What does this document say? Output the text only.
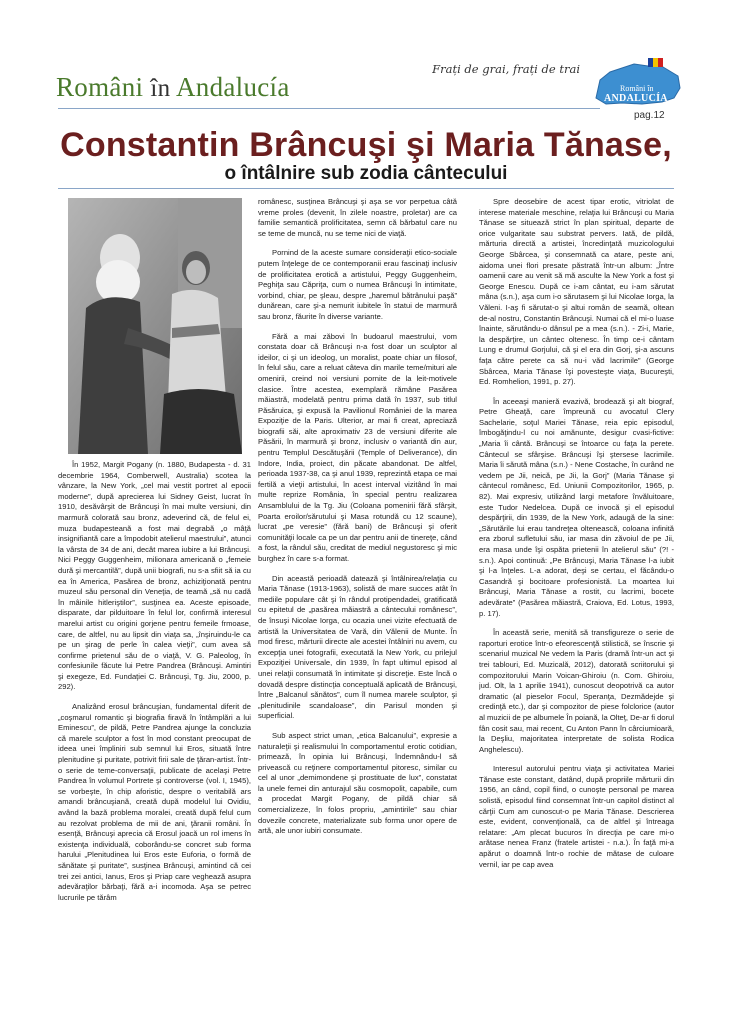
Români în Andalucía
Frați de grai, frați de trai
Români în
ANDALUCÍA
pag.12
Constantin Brâncuşi şi Maria Tănase,
o întâlnire sub zodia cântecului

În 1952, Margit Pogany (n. 1880, Budapesta - d. 31 decembrie 1964, Comberwell, Australia) scotea la vânzare, la New York, „cel mai vestit portret al epocii moderne”, după aprecierea lui Sidney Geist, lucrat în 1910, desăvârşit de Brâncuşi în mai multe versiuni, din marmură colorată sau bronz, adeverind că, de felul ei, muza budapesteană a fost mai degrabă „o mâţă insignifiantă care a împodobit atelierul maestrului”, atunci la vârsta de 34 de ani, decât marea iubire a lui Brâncuşi. Nici Peggy Guggenheim, milionara americană o „femeie dură şi mercantilă”, după unii biografi, nu s-a sfiit să ia cu ea în America, Pasărea de bronz, achiziţionată pentru muzeul său personal din Veneţia, de teamă „să nu cadă în mâinile hitleriştilor”, susţinea ea. Aceste episoade, disparate, dar pilduitoare în felul lor, confirmă interesul marelui artist cu origini gorjene pentru femeile frmoase, care, de altfel, nu au lipsit din viaţa sa, „înşiruindu-le ca pe un şirag de perle în calea vieţii”, cum avea să confirme prietenul său de o viaţă, V. G. Paleolog, în confesiunile făcute lui Petre Pandrea (Brâncuşi. Amintiri şi exegeze, Ed. Fundaţiei C. Brâncuşi, Tg. Jiu, 2000, p. 292).

Analizând erosul brâncuşian, fundamental diferit de „coşmarul romantic şi biografia firavă în întâmplări a lui Eminescu”, de pildă, Petre Pandrea ajunge la concluzia că marele sculptor a fost în mod constant preocupat de ideea unei împliniri sub semnul lui Eros, situată între plenitudine şi puritate, potrivit firii sale de ţăran-artist. Într-o serie de teme-conversaţii, publicate de acelaşi Petre Pandrea în volumul Portrete şi controverse (vol. I, 1945), se vorbeşte, în chip aforistic, despre o veritabilă ars amandi brâncuşiană, creată după modelul lui Ovidiu, având la bază problema moralei, creată după felul cum au rezolvat problema de mii de ani, ţăranii români. În esenţă, Brâncuşi aprecia că Erosul joacă un rol imens în existenţa individuală, coborându-se concret sub forma harului „Plenitudinea lui Eros este Euforia, o formă de sănătate şi puritate”, susţinea Brâncuşi, amintind că cei trei zei antici, Ianus, Eros şi Priap care veghează asupra adevăraţilor bărbaţi, fără a-i incomoda. Aşa se petrec lucrurile pe tărâm

românesc, susţinea Brâncuşi şi aşa se vor perpetua câtă vreme proles (devenit, în zilele noastre, proletar) are ca familie semantică prolificitatea, semn că bărbatul care nu se teme de muncă, nu se teme nici de viaţă.

Pornind de la aceste sumare consideraţii etico-sociale putem înţelege de ce contemporanii erau fascinaţi inclusiv de prolificitatea erotică a artistului, Peggy Guggenheim, Peghiţa sau Căpriţa, cum o numea Brâncuşi în intimitate, vorbind, chiar, pe şleau, despre „haremul bătrânului paşă” dunărean, care şi-a nemurit iubitele în statui de marmură sau bronz, făurite în diverse variante.

Fără a mai zăbovi în budoarul maestrului, vom constata doar că Brâncuşi n-a fost doar un sculptor al ideilor, ci şi un ideolog, un moralist, poate chiar un filosof, în felul său, care a reluat câteva din marile teme/mituri ale omenirii, creind noi versiuni pornite de la leit-motivele clasice. Între acestea, exemplară rămâne Pasărea măiastră, modelată pentru prima dată în 1937, sub titlul Păsăruica, şi expusă la Pavilionul României de la marea Expoziţie de la Paris. Ulterior, ar mai fi creat, apreciază biografii săi, alte aproximativ 23 de versiuni diferite ale Păsării, în marmură şi bronz, inclusiv o variantă din aur, pentru Templul Descătuşării (Temple of Deliverance), din Indore, India, proiect, din păcate abandonat. De altfel, perioada 1937-38, ca şi anul 1939, reprezintă etapa ce mai fertilă a vieţii artistului, în acest interval vizitând în mai multe reprize România, în special pentru realizarea Ansamblului de la Tg. Jiu (Coloana pomenirii fără sfârşit, Poarta eroilor/sărutului şi Masa rotundă cu 12 scaune), lucrat „pe veresie” (fără bani) de Brâncuşi şi oferit comunităţii locale ca pe un dar pentru anii de tinereţe, când a fost, la rândul său, creditat de mediul negustoresc şi mic burghez în care s-a format.

Din această perioadă datează şi întâlnirea/relaţia cu Maria Tănase (1913-1963), solistă de mare succes atât în mediile populare cât şi în rândul protipendadei, gratificată cu epitetul de „pasărea măiastră a cântecului românesc”, de însuşi Nicolae Iorga, cu ocazia unei vizite efectuată de artistă la Universitatea de Vară, din Vălenii de Munte. În mod firesc, mărturii directe ale acestei întâlniri nu avem, cu excepţia unei fotografii, executată la New York, cu prilejul Expoziţiei Universale, din 1939, în fapt ultimul episod al unei relaţii consumată în intimitate şi discreţie. Este încă o dovadă despre distincţia conceptuală aplicată de Brâncuşi, între „Balcanul sănătos”, cum îl numea marele sculptor, şi „plenitudinile scandaloase”, din Parisul monden şi superficial.

Sub aspect strict uman, „etica Balcanului”, expresie a naturaleţii şi realismului în comportamentul erotic cotidian, primează, în opinia lui Brâncuşi, îndemnându-l să privească cu reţinere comportamentul pitoresc, similar cu cel al unor „demimondene şi prostituate de lux”, constatat la unele femei din anturajul său cosmopolit, capabile, cum a procedat Margit Pogany, de pildă chiar să comercializeze, în folos propriu, „amintirile” sau chiar dovezile concrete, materializate sub forma unor opere de artă, ale unor iubiri consumate.

Spre deosebire de acest tipar erotic, vitriolat de interese materiale meschine, relaţia lui Brâncuşi cu Maria Tănase se situează strict în plan spiritual, departe de orice vulgaritate sau substrat pervers. Iată, de pildă, mărturia directă a artistei, încredinţată muzicologului George Sbârcea, şi consemnată ca atare, peste ani, aidoma unei flori presate păstrată într-un album: „Între oamenii care au venit să mă asculte la New York a fost şi George Enescu. După ce i-am cântat, eu i-am sărutat mâna (s.n.), aşa cum i-o sărutasem şi lui Nicolae Iorga, la Văleni. I-aş fi sărutat-o şi altui român de seamă, oltean de-al nostru, Constantin Brâncuşi. Numai că el mi-o luase înainte, sărutându-o dânsul pe a mea (s.n.). - Zi-i, Marie, la despărţire, un cântec oltenesc. În timp ce-i cântam Lung e drumul Gorjului, că şi el era din Gorj, şi-a ascuns faţa către perete ca să nu-i văd lacrimile” (George Sbârcea, Maria Tănase îşi povesteşte viaţa, Bucureşti, Ed. Romhelion, 1991, p. 27).

În aceeaşi manieră evazivă, brodează şi alt biograf, Petre Gheaţă, care împreună cu avocatul Clery Sachelarie, soţul Mariei Tănase, reia epic episodul, îmbogăţindu-l cu noi amănunte, desigur cvasi-fictive: „Maria îi cântă. Brâncuşi se întoarce cu faţa la perete. Cântecul se sfârşise. Brâncuşi îşi ştersese lacrimile. Maria îi sărută mâna (s.n.) - Nene Costache, în curând ne vedem pe Jii, neică, pe Jii, la Gorj” (Maria Tănase şi cântecul românesc, Ed. Uniunii Compozitorilor, 1965, p. 82). Mai expresiv, utilizând largi metafore învăluitoare, este Tudor Nedelcea. După ce invocă şi el episodul despărţirii, din 1939, de la New York, adaugă de la sine: „Sărutările lui erau tandreţea oltenească, coloana infinită era zborul sufletului său, iar masa din zăvoiul de pe Jii, era masa unde îşi ospăta prietenii în atelierul său” (?! -s.n.). Apoi continuă: „Pe Brâncuşi, Maria Tănase l-a iubit şi l-a înţeles. L-a adorat, deşi se certau, el făcându-o Casandră şi bocitoare profesionistă. La moartea lui Brâncuşi, Maria Tănase a rostit, cu lacrimi, bocete adevărate” (Pasărea măiastră, Craiova, Ed. Lotus, 1993, p. 17).

În această serie, menită să transfigureze o serie de raporturi erotice într-o efeorescenţă stilistică, se înscrie şi scenariul muzical Ne vedem la Paris (dramă într-un act şi trei tablouri, Ed. Muzicală, 2012), datorată scriitorului şi compozitorului Marin Voican-Ghiroiu (n. Com. Ghiroiu, jud. Olt, la 1 aprilie 1941), cunoscut deopotrivă ca autor dramatic (al pieselor Focul, Speranţa, Dezmădejde şi credinţă etc.), dar şi compozitor de piese folclorice (autor al muzicii de pe albumele În poiană, la Olteţ, De-ar fi dorul fân cosit sau, mai recent, Cu Anton Pann în cârciumioară, la Deşliu, majoritatea interpretate de solista Rodica Anghelescu).

Interesul autorului pentru viaţa şi activitatea Mariei Tănase este constant, datând, după propriile mărturii din 1956, an când, copil fiind, o cunoşte personal pe marea solistă, episodul fiind consemnat într-un capitol distinct al cărţii Cum am cunoscut-o pe Maria Tănase. Descrierea este, evident, convenţională, ca de altfel şi întreaga relatare: „Am plecat bucuros în direcţia pe care mi-o arătase nenea Franz (fratele artistei - n.a.). În faţă mi-a apărut o doamnă într-o rochie de mătase de culoare vernil, iar pe cap avea
